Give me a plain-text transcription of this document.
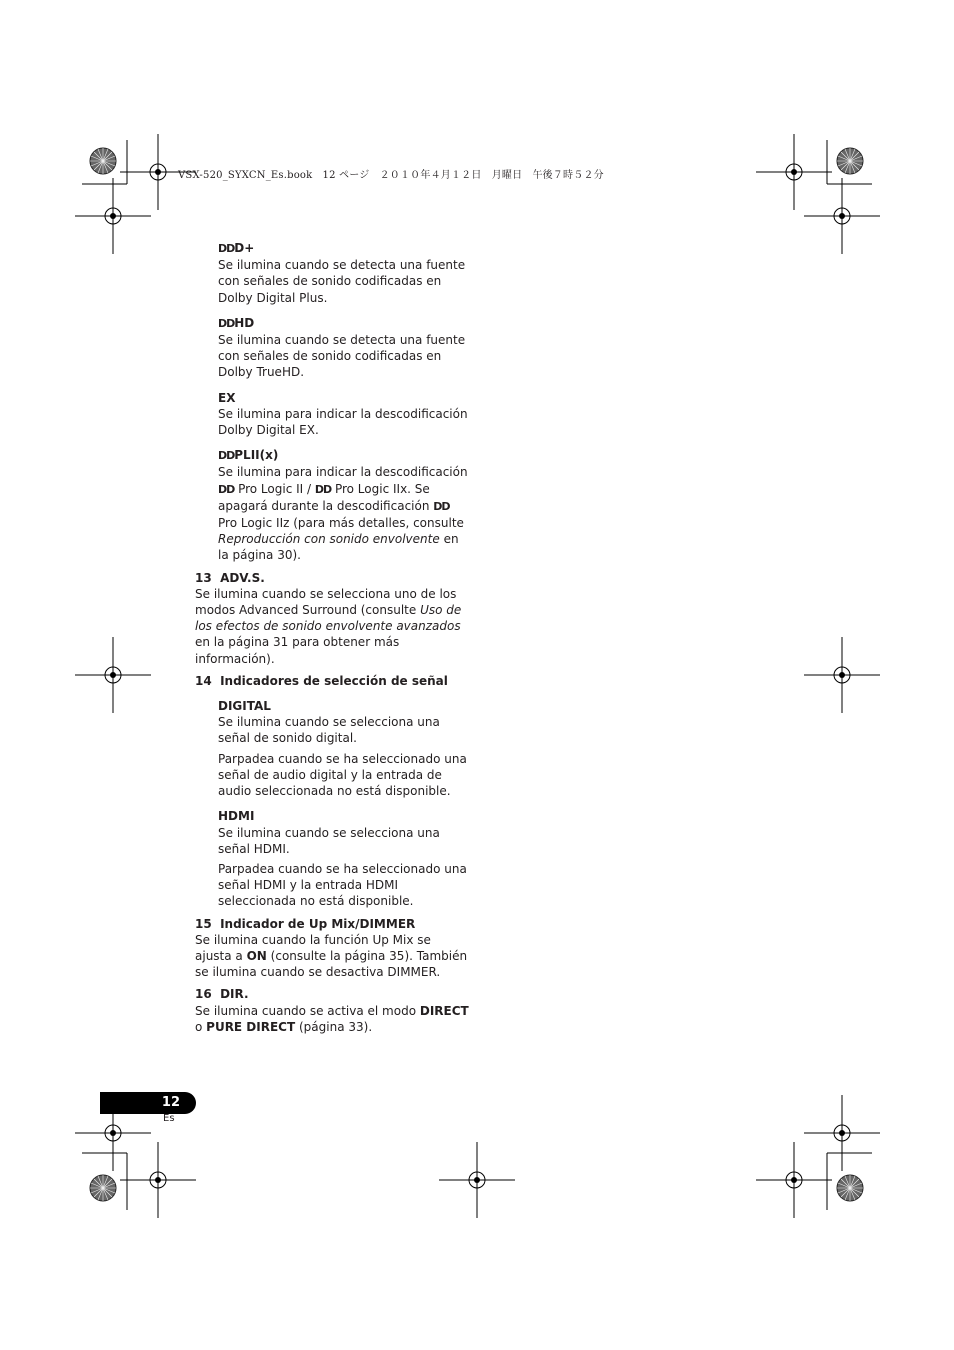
VSX-520_SYXCN_Es.book   12 ページ   ２０１０年４月１２日   月曜日   午後７時５２分

DDD+

Se ilumina cuando se detecta una fuente con señales de sonido codificadas en Dolby Digital Plus.

DDHD

Se ilumina cuando se detecta una fuente con señales de sonido codificadas en Dolby TrueHD.

EX

Se ilumina para indicar la descodificación Dolby Digital EX.

DDPLII(x)

Se ilumina para indicar la descodificación DD Pro Logic II / DD Pro Logic IIx. Se apagará durante la descodificación DD Pro Logic IIz (para más detalles, consulte Reproducción con sonido envolvente en la página 30).

13 ADV.S.

Se ilumina cuando se selecciona uno de los modos Advanced Surround (consulte Uso de los efectos de sonido envolvente avanzados en la página 31 para obtener más información).

14 Indicadores de selección de señal

DIGITAL

Se ilumina cuando se selecciona una señal de sonido digital.

Parpadea cuando se ha seleccionado una señal de audio digital y la entrada de audio seleccionada no está disponible.

HDMI

Se ilumina cuando se selecciona una señal HDMI.

Parpadea cuando se ha seleccionado una señal HDMI y la entrada HDMI seleccionada no está disponible.

15 Indicador de Up Mix/DIMMER

Se ilumina cuando la función Up Mix se ajusta a ON (consulte la página 35). También se ilumina cuando se desactiva DIMMER.

16 DIR.

Se ilumina cuando se activa el modo DIRECT o PURE DIRECT (página 33).

12
Es
